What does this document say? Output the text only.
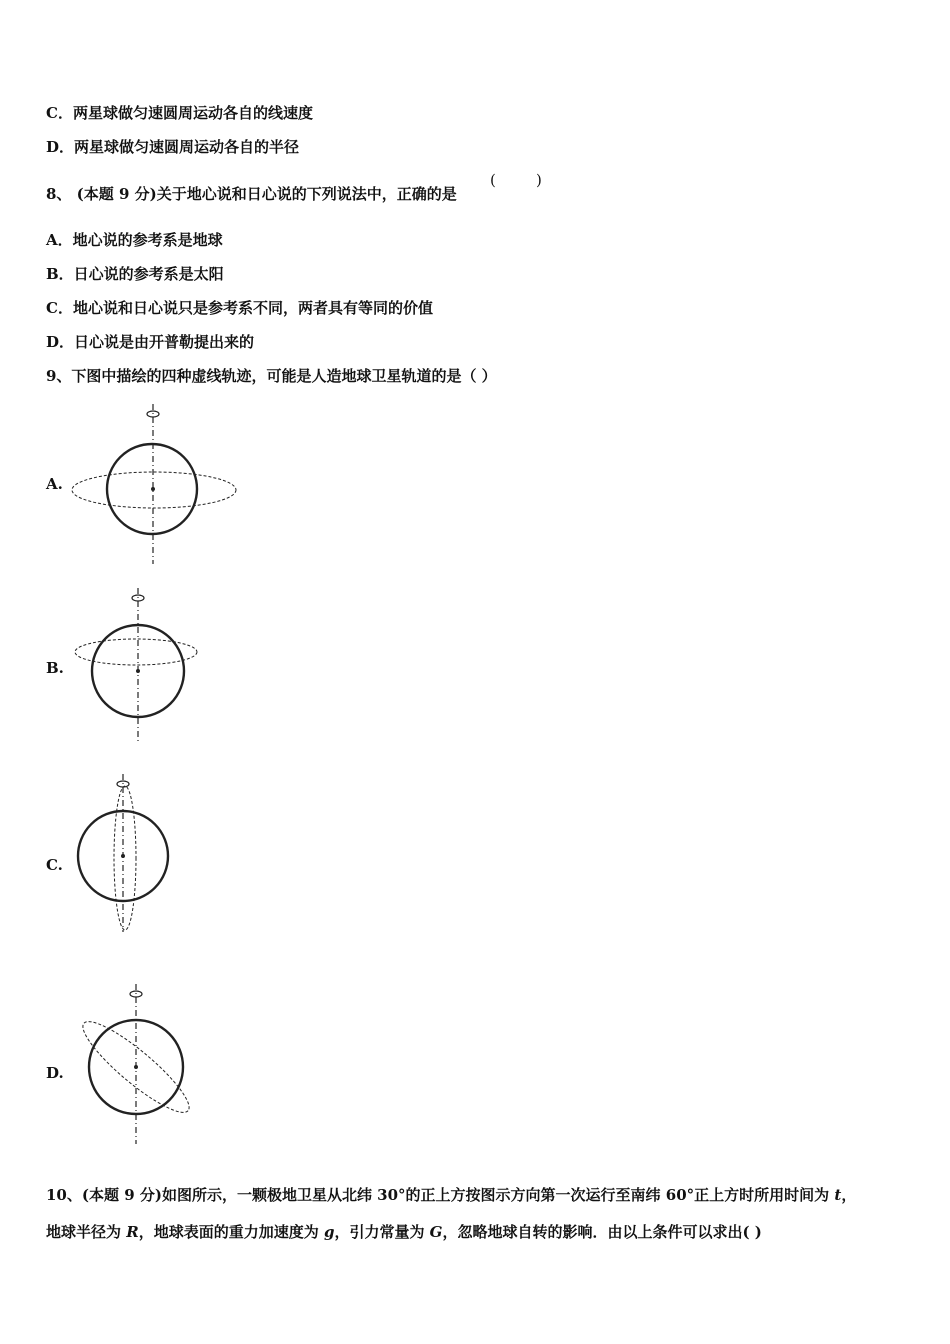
C．两星球做匀速圆周运动各自的线速度
D．两星球做匀速圆周运动各自的半径
8、 (本题 9 分)关于地心说和日心说的下列说法中，正确的是
(	)
A．地心说的参考系是地球
B．日心说的参考系是太阳
C．地心说和日心说只是参考系不同，两者具有等同的价值
D．日心说是由开普勒提出来的
9、下图中描绘的四种虚线轨迹，可能是人造地球卫星轨道的是（ ）
A.
B.
C.
D.
10、(本题 9 分)如图所示，一颗极地卫星从北纬 30°的正上方按图示方向第一次运行至南纬 60°正上方时所用时间为 t，
地球半径为 R，地球表面的重力加速度为 g，引力常量为 G，忽略地球自转的影响．由以上条件可以求出( )
